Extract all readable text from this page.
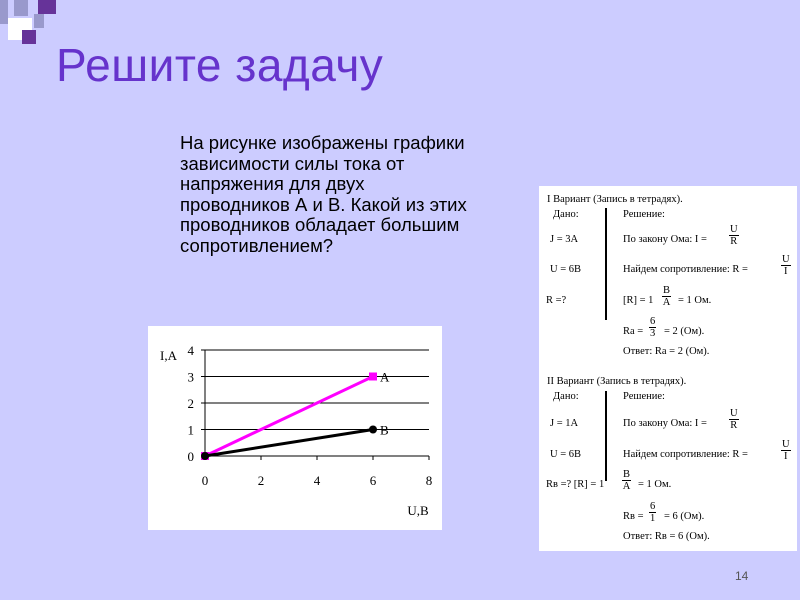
Решите задачу
На рисунке изображены графики зависимости силы тока от напряжения для двух проводников А и В. Какой из этих проводников обладает большим сопротивлением?
0	2	4	6	8
0
1
2
3
4
I,A
U,B
A
B
I Вариант (Запись в тетрадях).
Дано:	Решение:
J = 3A	По закону Ома: $I = \frac{U}{R}$
U = 6B	Найдем сопротивление: R =	$\frac{U}{I}$
R =?	$[R] = 1 \frac{B}{A} = 1$ Ом.
$Ra = \frac{6}{3} = 2$ (Ом).
Ответ: Ra = 2 (Ом).
II Вариант (Запись в тетрадях).
Дано:	Решение:
J = 1A	По закону Ома: $I = \frac{U}{R}$
U = 6B	Найдем сопротивление: R =	$\frac{U}{I}$
Rв =? $[R] = 1 \frac{B}{A} = 1$ Ом.
Rв = $\frac{6}{1} = 6$ (Ом).
Ответ: Rв = 6 (Ом).
14
